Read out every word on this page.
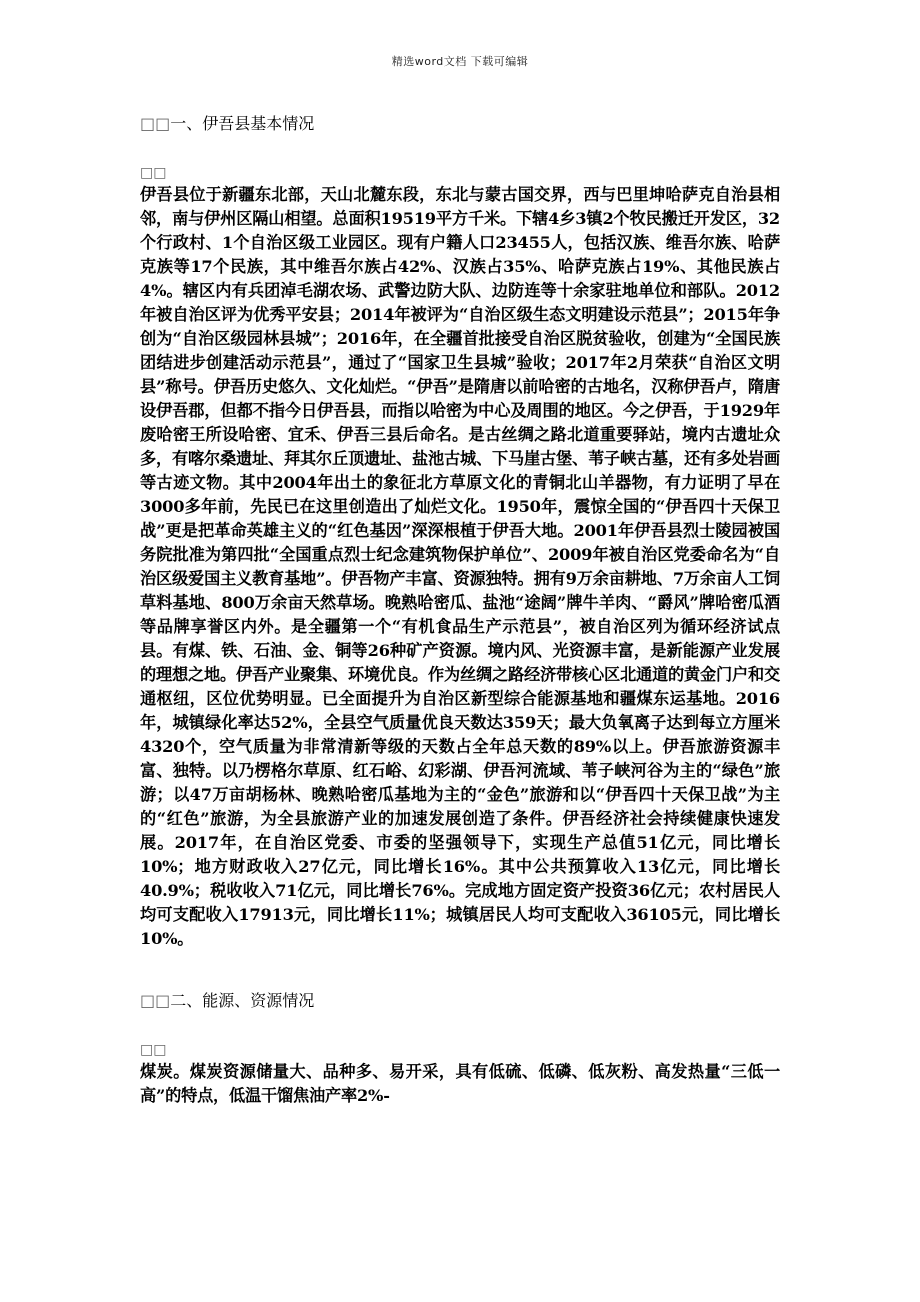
精选word文档 下载可编辑
□□一、伊吾县基本情况
□□

伊吾县位于新疆东北部，天山北麓东段，东北与蒙古国交界，西与巴里坤哈萨克自治县相邻，南与伊州区隔山相望。总面积19519平方千米。下辖4乡3镇2个牧民搬迁开发区，32个行政村、1个自治区级工业园区。现有户籍人口23455人，包括汉族、维吾尔族、哈萨克族等17个民族，其中维吾尔族占42%、汉族占35%、哈萨克族占19%、其他民族占4%。辖区内有兵团淖毛湖农场、武警边防大队、边防连等十余家驻地单位和部队。2012年被自治区评为优秀平安县；2014年被评为“自治区级生态文明建设示范县”；2015年争创为“自治区级园林县城”；2016年，在全疆首批接受自治区脱贫验收，创建为“全国民族团结进步创建活动示范县”，通过了“国家卫生县城”验收；2017年2月荣获“自治区文明县”称号。伊吾历史悠久、文化灿烂。“伊吾”是隋唐以前哈密的古地名，汉称伊吾卢，隋唐设伊吾郡，但都不指今日伊吾县，而指以哈密为中心及周围的地区。今之伊吾，于1929年废哈密王所设哈密、宜禾、伊吾三县后命名。是古丝绸之路北道重要驿站，境内古遗址众多，有喀尔桑遗址、拜其尔丘顶遗址、盐池古城、下马崖古堡、苇子峡古墓，还有多处岩画等古迹文物。其中2004年出土的象征北方草原文化的青铜北山羊器物，有力证明了早在3000多年前，先民已在这里创造出了灿烂文化。1950年，震惊全国的“伊吾四十天保卫战”更是把革命英雄主义的“红色基因”深深根植于伊吾大地。2001年伊吾县烈士陵园被国务院批准为第四批“全国重点烈士纪念建筑物保护单位”、2009年被自治区党委命名为“自治区级爱国主义教育基地”。伊吾物产丰富、资源独特。拥有9万余亩耕地、7万余亩人工饲草料基地、800万余亩天然草场。晚熟哈密瓜、盐池“途阔”牌牛羊肉、“爵风”牌哈密瓜酒等品牌享誉区内外。是全疆第一个“有机食品生产示范县”，被自治区列为循环经济试点县。有煤、铁、石油、金、铜等26种矿产资源。境内风、光资源丰富，是新能源产业发展的理想之地。伊吾产业聚集、环境优良。作为丝绸之路经济带核心区北通道的黄金门户和交通枢纽，区位优势明显。已全面提升为自治区新型综合能源基地和疆煤东运基地。2016年，城镇绿化率达52%，全县空气质量优良天数达359天；最大负氧离子达到每立方厘米4320个，空气质量为非常清新等级的天数占全年总天数的89%以上。伊吾旅游资源丰富、独特。以乃楞格尔草原、红石峪、幻彩湖、伊吾河流域、苇子峡河谷为主的“绿色”旅游；以47万亩胡杨林、晚熟哈密瓜基地为主的“金色”旅游和以“伊吾四十天保卫战”为主的“红色”旅游，为全县旅游产业的加速发展创造了条件。伊吾经济社会持续健康快速发展。2017年，在自治区党委、市委的坚强领导下，实现生产总值51亿元，同比增长10%；地方财政收入27亿元，同比增长16%。其中公共预算收入13亿元，同比增长40.9%；税收收入71亿元，同比增长76%。完成地方固定资产投资36亿元；农村居民人均可支配收入17913元，同比增长11%；城镇居民人均可支配收入36105元，同比增长10%。

□□二、能源、资源情况
□□

煤炭。煤炭资源储量大、品种多、易开采，具有低硫、低磷、低灰粉、高发热量“三低一高”的特点，低温干馏焦油产率2%-
